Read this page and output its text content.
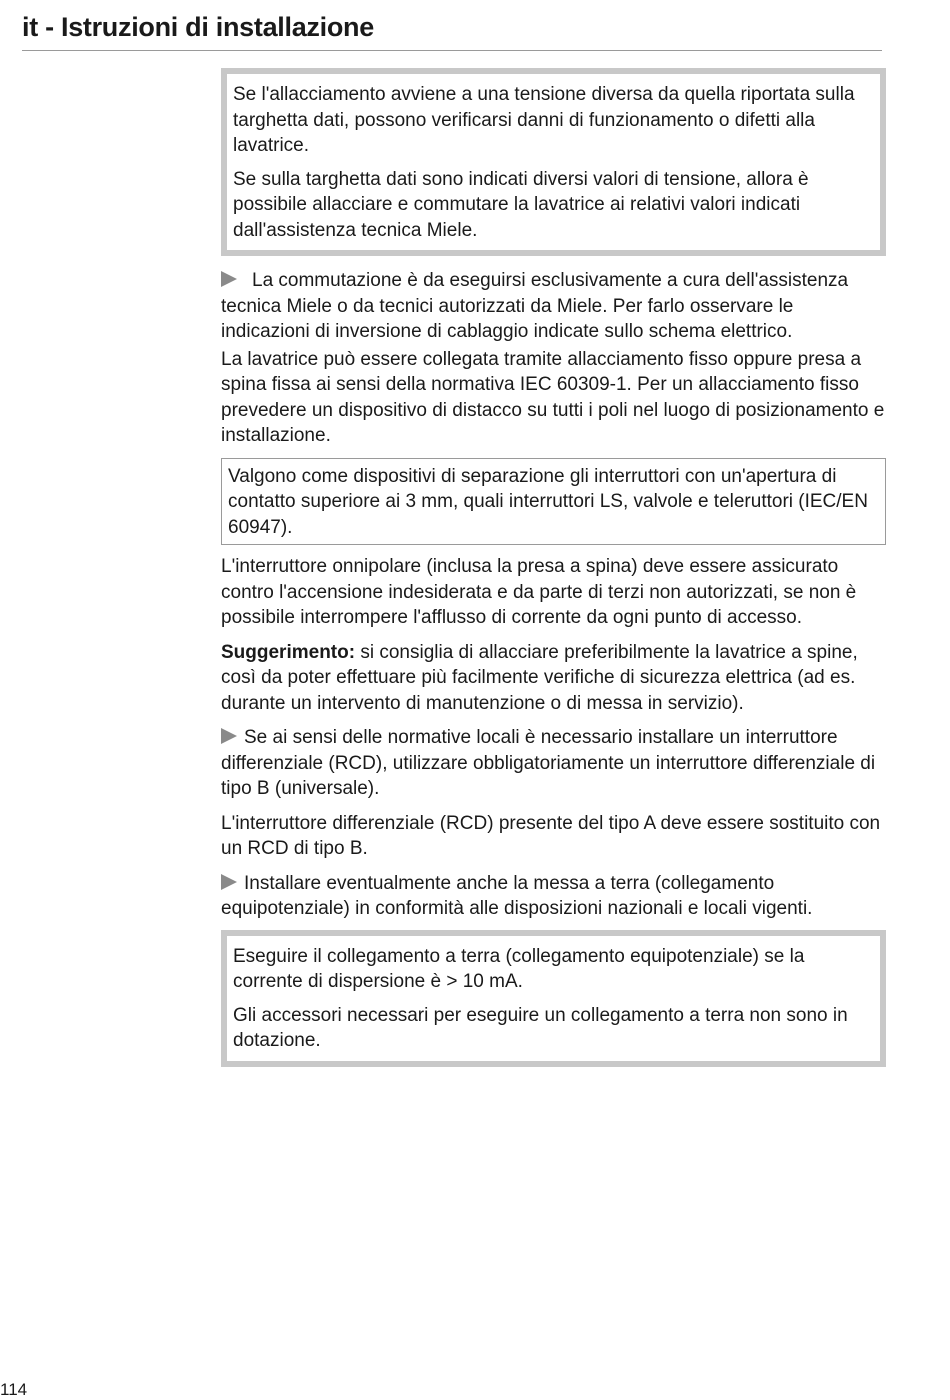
it - Istruzioni di installazione

Se l'allacciamento avviene a una tensione diversa da quella riportata sulla targhetta dati, possono verificarsi danni di funzionamento o difetti alla lavatrice.

Se sulla targhetta dati sono indicati diversi valori di tensione, allora è possibile allacciare e commutare la lavatrice ai relativi valori indicati dall'assistenza tecnica Miele.

La commutazione è da eseguirsi esclusivamente a cura dell'assistenza tecnica Miele o da tecnici autorizzati da Miele. Per farlo osservare le indicazioni di inversione di cablaggio indicate sullo schema elettrico.

La lavatrice può essere collegata tramite allacciamento fisso oppure presa a spina fissa ai sensi della normativa IEC 60309-1. Per un allacciamento fisso prevedere un dispositivo di distacco su tutti i poli nel luogo di posizionamento e installazione.

Valgono come dispositivi di separazione gli interruttori con un'apertura di contatto superiore ai 3 mm, quali interruttori LS, valvole e teleruttori (IEC/EN 60947).

L'interruttore onnipolare (inclusa la presa a spina) deve essere assicurato contro l'accensione indesiderata e da parte di terzi non autorizzati, se non è possibile interrompere l'afflusso di corrente da ogni punto di accesso.

Suggerimento: si consiglia di allacciare preferibilmente la lavatrice a spine, così da poter effettuare più facilmente verifiche di sicurezza elettrica (ad es. durante un intervento di manutenzione o di messa in servizio).

Se ai sensi delle normative locali è necessario installare un interruttore differenziale (RCD), utilizzare obbligatoriamente un interruttore differenziale di tipo B (universale).

L'interruttore differenziale (RCD) presente del tipo A deve essere sostituito con un RCD di tipo B.

Installare eventualmente anche la messa a terra (collegamento equipotenziale) in conformità alle disposizioni nazionali e locali vigenti.

Eseguire il collegamento a terra (collegamento equipotenziale) se la corrente di dispersione è > 10 mA.

Gli accessori necessari per eseguire un collegamento a terra non sono in dotazione.

114
